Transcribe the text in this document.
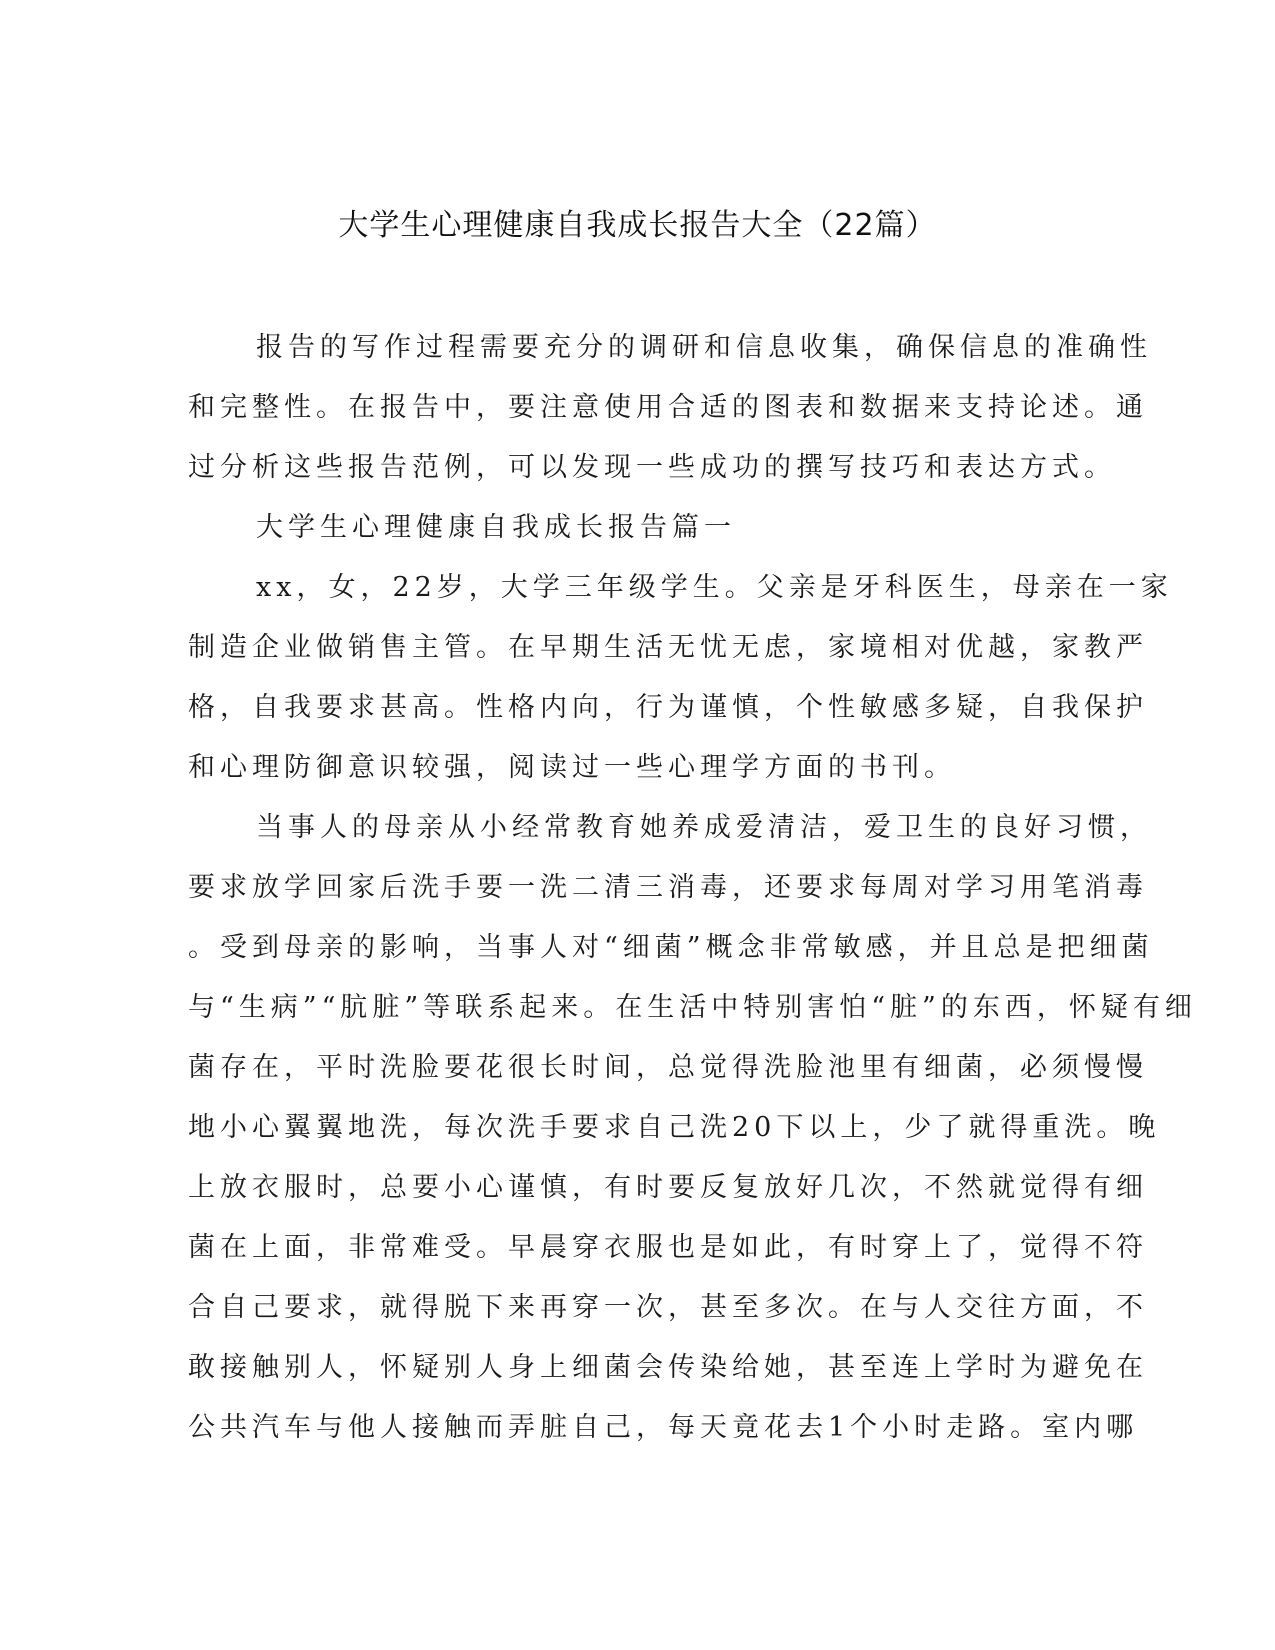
大学生心理健康自我成长报告大全（22篇）
报告的写作过程需要充分的调研和信息收集，确保信息的准确性
和完整性。在报告中，要注意使用合适的图表和数据来支持论述。通
过分析这些报告范例，可以发现一些成功的撰写技巧和表达方式。
大学生心理健康自我成长报告篇一
xx，女，22岁，大学三年级学生。父亲是牙科医生，母亲在一家
制造企业做销售主管。在早期生活无忧无虑，家境相对优越，家教严
格，自我要求甚高。性格内向，行为谨慎，个性敏感多疑，自我保护
和心理防御意识较强，阅读过一些心理学方面的书刊。
当事人的母亲从小经常教育她养成爱清洁，爱卫生的良好习惯，
要求放学回家后洗手要一洗二清三消毒，还要求每周对学习用笔消毒
。受到母亲的影响，当事人对“细菌”概念非常敏感，并且总是把细菌
与“生病”“肮脏”等联系起来。在生活中特别害怕“脏”的东西，怀疑有细
菌存在，平时洗脸要花很长时间，总觉得洗脸池里有细菌，必须慢慢
地小心翼翼地洗，每次洗手要求自己洗20下以上，少了就得重洗。晚
上放衣服时，总要小心谨慎，有时要反复放好几次，不然就觉得有细
菌在上面，非常难受。早晨穿衣服也是如此，有时穿上了，觉得不符
合自己要求，就得脱下来再穿一次，甚至多次。在与人交往方面，不
敢接触别人，怀疑别人身上细菌会传染给她，甚至连上学时为避免在
公共汽车与他人接触而弄脏自己，每天竟花去1个小时走路。室内哪
